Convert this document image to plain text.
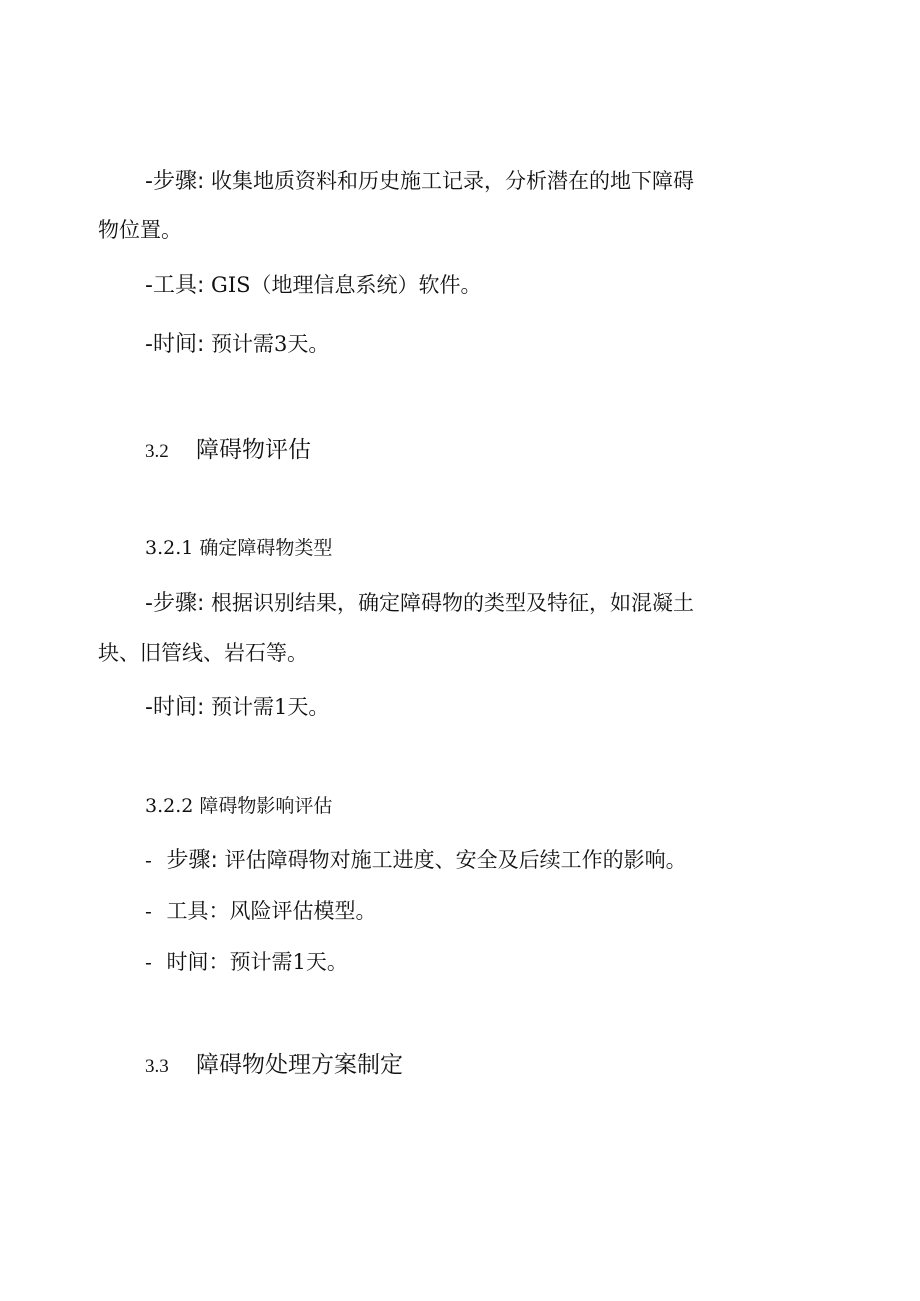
-步骤: 收集地质资料和历史施工记录，分析潜在的地下障碍
物位置。
-工具: GIS（地理信息系统）软件。
-时间: 预计需3天。
3.2 障碍物评估
3.2.1 确定障碍物类型
-步骤: 根据识别结果，确定障碍物的类型及特征，如混凝土
块、旧管线、岩石等。
-时间: 预计需1天。
3.2.2 障碍物影响评估
- 步骤: 评估障碍物对施工进度、安全及后续工作的影响。
- 工具：风险评估模型。
- 时间：预计需1天。
3.3 障碍物处理方案制定
